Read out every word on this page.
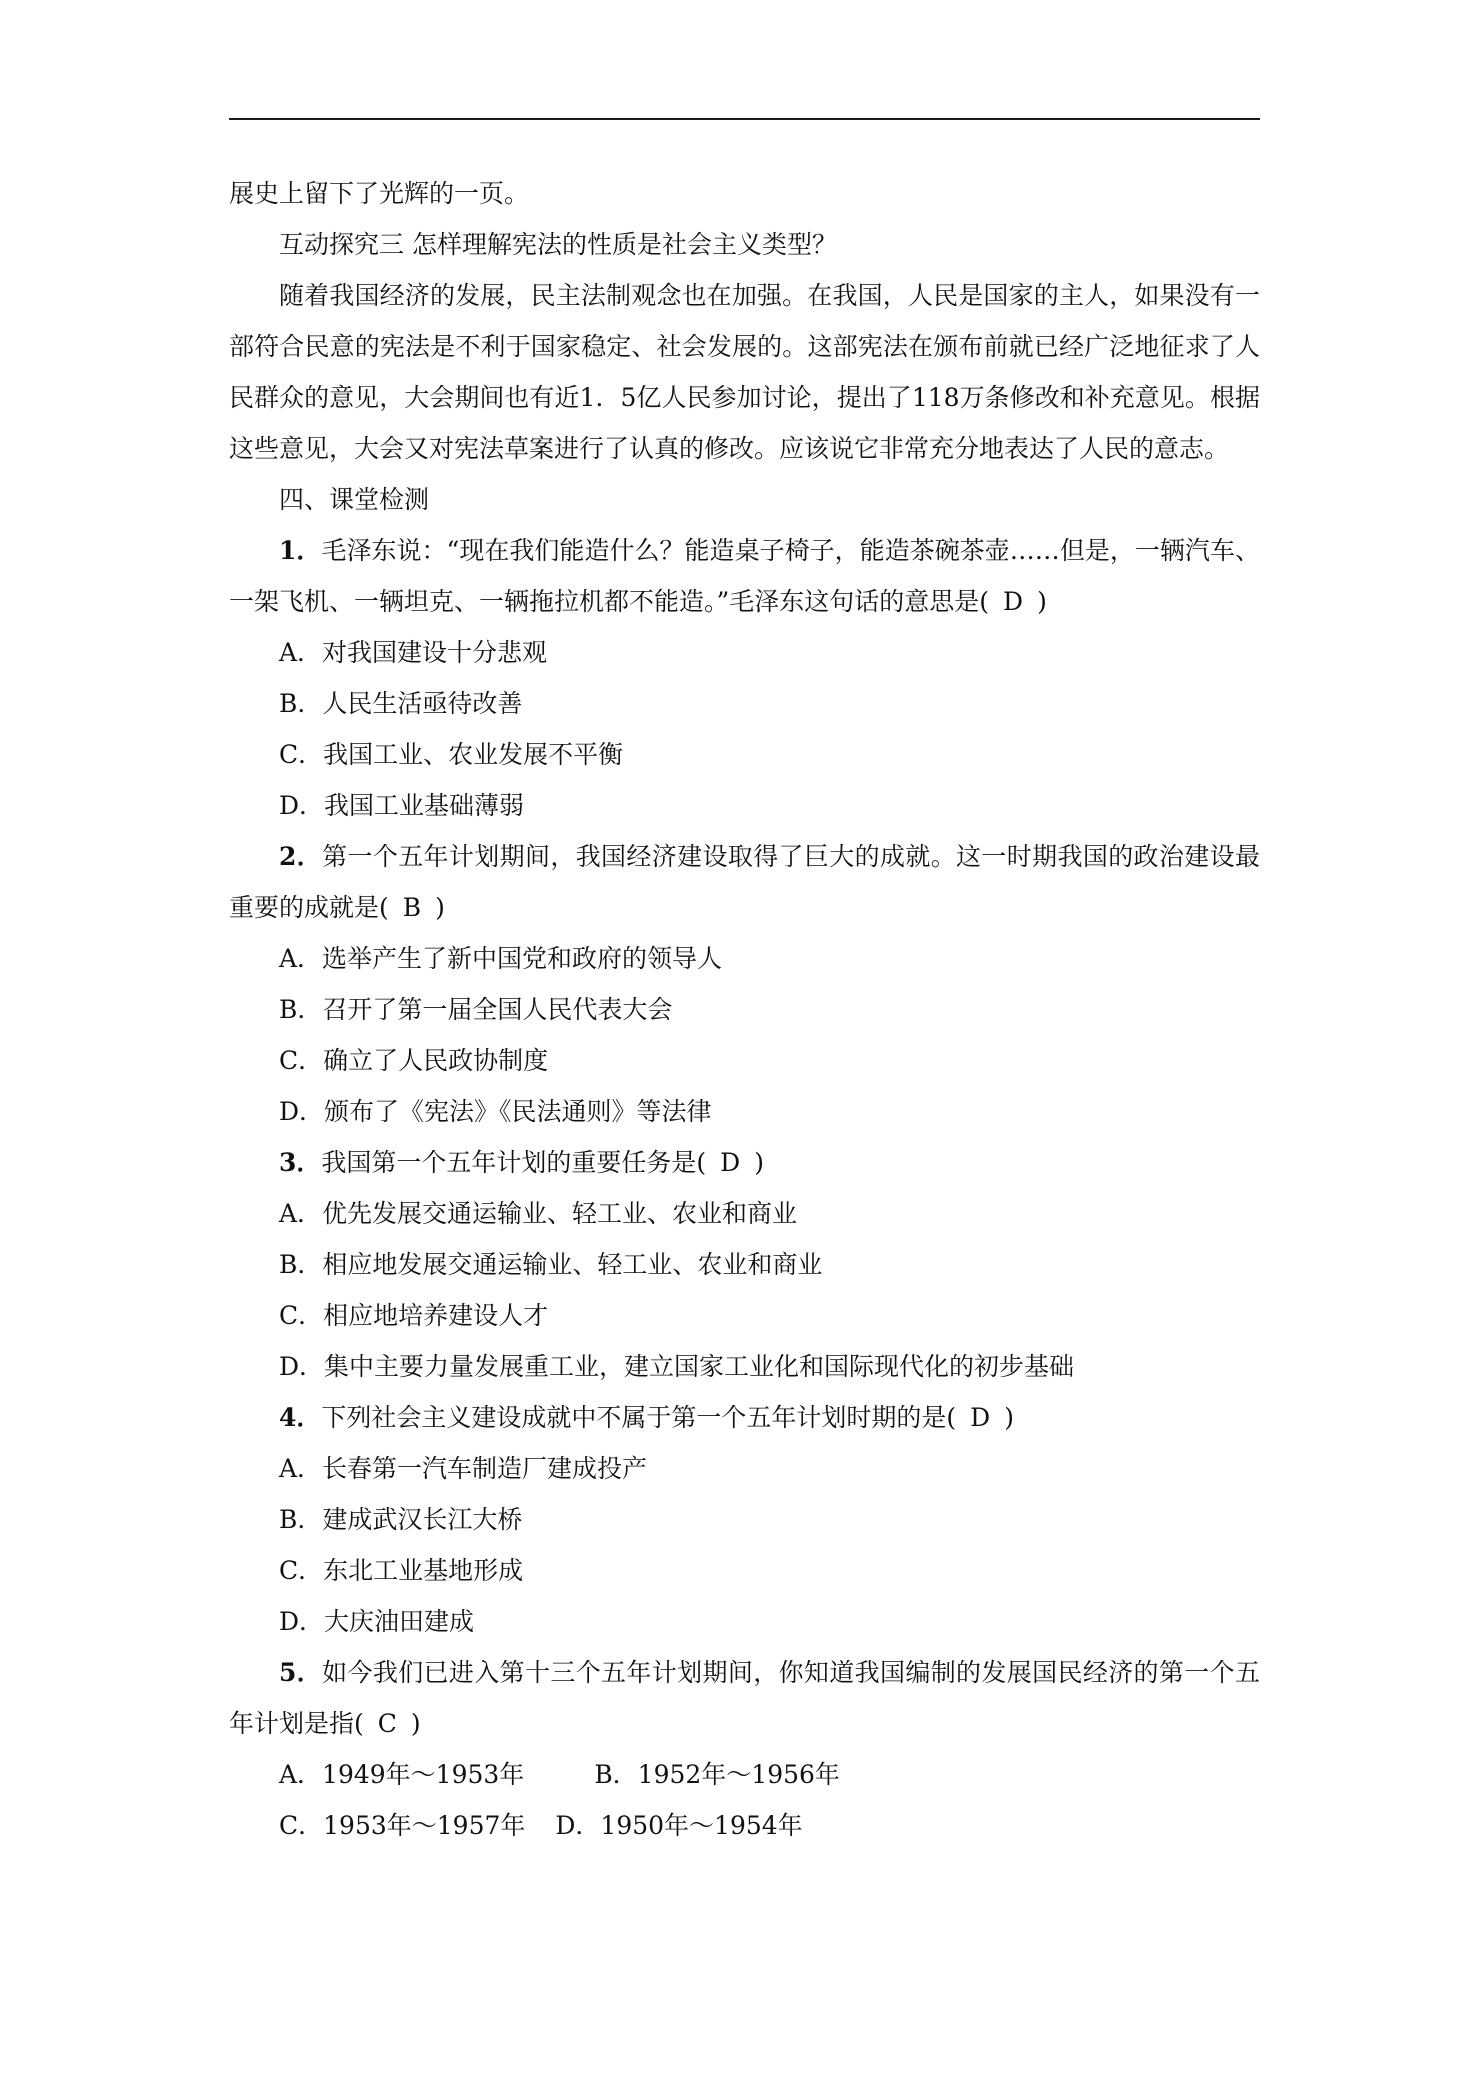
展史上留下了光辉的一页。

互动探究三 怎样理解宪法的性质是社会主义类型？

随着我国经济的发展，民主法制观念也在加强。在我国，人民是国家的主人，如果没有一部符合民意的宪法是不利于国家稳定、社会发展的。这部宪法在颁布前就已经广泛地征求了人民群众的意见，大会期间也有近1．5亿人民参加讨论，提出了118万条修改和补充意见。根据这些意见，大会又对宪法草案进行了认真的修改。应该说它非常充分地表达了人民的意志。

四、课堂检测

1．毛泽东说：“现在我们能造什么？能造桌子椅子，能造茶碗茶壶……但是，一辆汽车、一架飞机、一辆坦克、一辆拖拉机都不能造。”毛泽东这句话的意思是( D )

A．对我国建设十分悲观

B．人民生活亟待改善

C．我国工业、农业发展不平衡

D．我国工业基础薄弱

2．第一个五年计划期间，我国经济建设取得了巨大的成就。这一时期我国的政治建设最重要的成就是( B )

A．选举产生了新中国党和政府的领导人

B．召开了第一届全国人民代表大会

C．确立了人民政协制度

D．颁布了《宪法》《民法通则》等法律

3．我国第一个五年计划的重要任务是( D )

A．优先发展交通运输业、轻工业、农业和商业

B．相应地发展交通运输业、轻工业、农业和商业

C．相应地培养建设人才

D．集中主要力量发展重工业，建立国家工业化和国际现代化的初步基础

4．下列社会主义建设成就中不属于第一个五年计划时期的是( D )

A．长春第一汽车制造厂建成投产

B．建成武汉长江大桥

C．东北工业基地形成

D．大庆油田建成

5．如今我们已进入第十三个五年计划期间，你知道我国编制的发展国民经济的第一个五年计划是指( C )

A．1949年～1953年	B．1952年～1956年

C．1953年～1957年 D．1950年～1954年
